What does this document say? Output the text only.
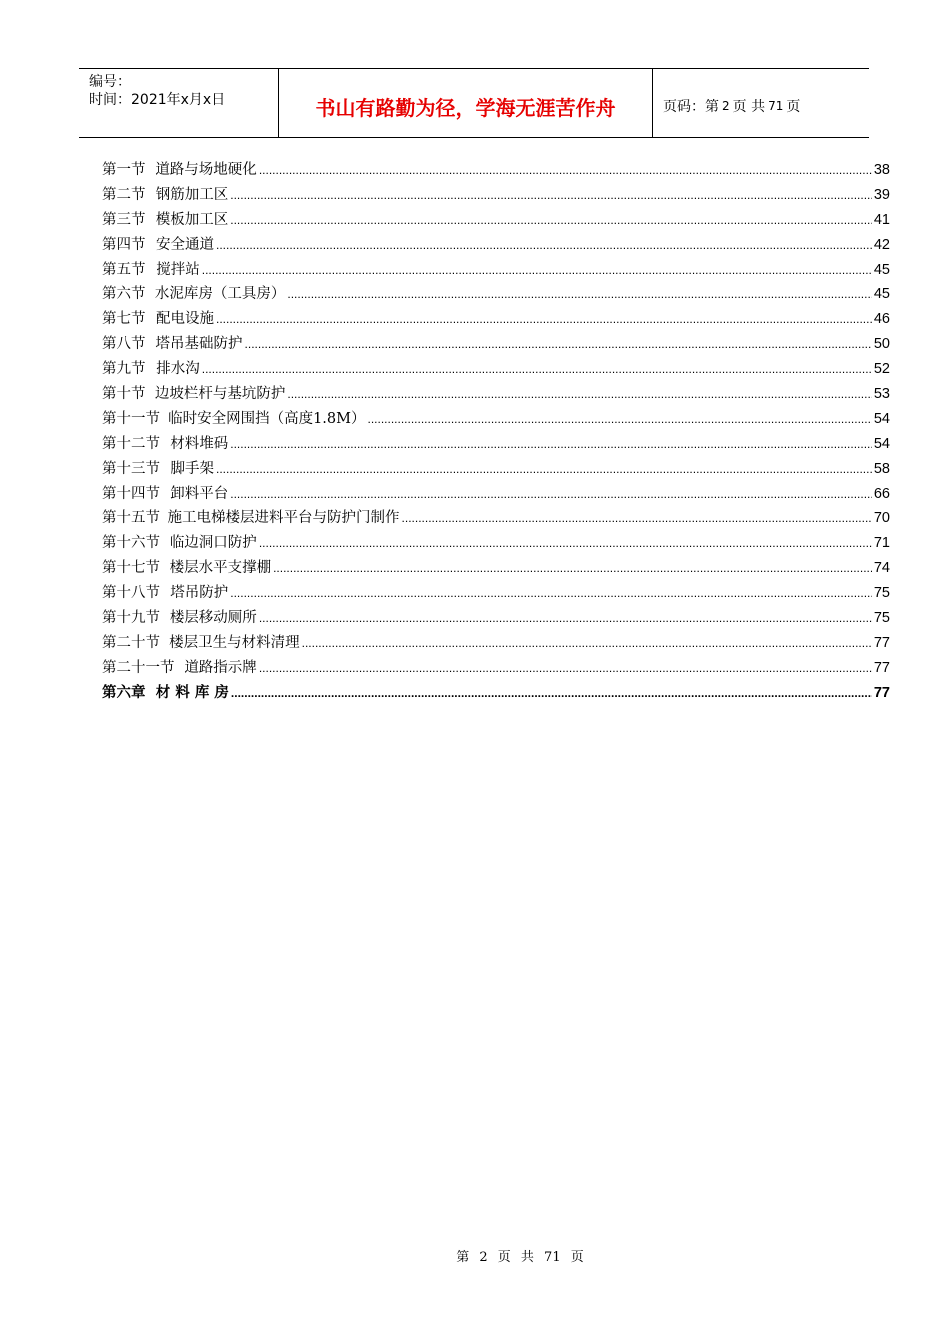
编号：
时间：2021年x月x日	书山有路勤为径，学海无涯苦作舟	页码：第 2 页 共 71 页
第一节 道路与场地硬化 .....	38
第二节 钢筋加工区 .....	39
第三节 模板加工区 .....	41
第四节 安全通道 .....	42
第五节 搅拌站 .....	45
第六节 水泥库房（工具房） .....	45
第七节 配电设施 .....	46
第八节 塔吊基础防护 .....	50
第九节 排水沟 .....	52
第十节 边坡栏杆与基坑防护 .....	53
第十一节 临时安全网围挡（高度1.8M） .....	54
第十二节 材料堆码 .....	54
第十三节 脚手架 .....	58
第十四节 卸料平台 .....	66
第十五节 施工电梯楼层进料平台与防护门制作 .....	70
第十六节 临边洞口防护 .....	71
第十七节 楼层水平支撑棚 .....	74
第十八节 塔吊防护 .....	75
第十九节 楼层移动厕所 .....	75
第二十节 楼层卫生与材料清理 .....	77
第二十一节 道路指示牌 .....	77
第六章 材 料 库 房 .....	77
第 2 页 共 71 页
